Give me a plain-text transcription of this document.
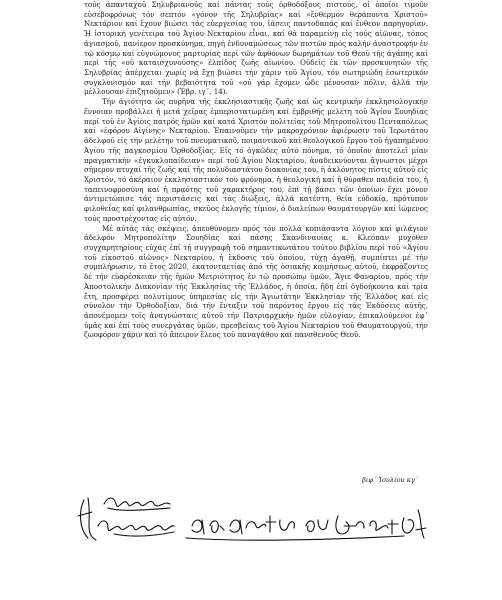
τούς ἁπανταχοῦ Σηλυβριανούς καί πάντας τούς ὀρθοδόξους πιστούς, οἱ ὁποῖοι τιμοῦν εὐσεβοφρόνως τόν σεπτόν «γόνον τῆς Σηλυβρίας» καί «ἔνθερμον θεράποντα Χριστοῦ» Νεκτάριον καί ἔχουν βιώσει τάς εὐεργεσίας του, ἰάσεις παντοδαπάς καί ἔνθεον παρηγορίαν. Ἡ ἱστορική γενέτειρα τοῦ Ἁγίου Νεκταρίου εἶναι, καί θά παραμείνῃ εἰς τούς αἰῶνας, τόπος ἁγιασμοῦ, πανίερον προσκύνημα, πηγή ἐνδυναμώσεως τῶν πιστῶν πρός καλήν ἀναστροφήν ἐν τῷ κόσμῳ καί εὐγνώμονος μαρτυρίας περί τῶν ἀφθόνων δωρημάτων τοῦ Θεοῦ τῆς ἀγάπης καί περί τῆς «οὐ καταισχυνούσης» ἐλπίδος ζωῆς αἰωνίου. Οὐδείς ἐκ τῶν προσκυνητῶν τῆς Σηλυβρίας ἀπέρχεται χωρίς νά ἔχῃ βιώσει τήν χάριν τοῦ Ἁγίου, τόν σωτηριώδη ἐσωτερικόν συγκλονισμόν καί τήν βεβαιότητα τοῦ «οὐ γάρ ἔχομεν ὧδε μένουσαν πόλιν, ἀλλά τήν μέλλουσαν ἐπιζητοῦμεν» (Ἑβρ. ιγ΄, 14).

Τήν ἁγιότητα ὡς πυρῆνα τῆς ἐκκλησιαστικῆς ζωῆς καί ὡς κεντρικήν ἐκκλησιολογικήν ἔννοιαν προβάλλει ἡ μετά χεῖρας ἐμπεριστατωμένη καί ἐμβριθής μελέτη τοῦ Ἁγίου Σουηδίας περί τοῦ ἐν Ἁγίοις πατρός ἡμῶν καί κατά Χριστόν πολιτείας τοῦ Μητροπολίτου Πενταπόλεως καί «ἐφόρου Αἰγίνης» Νεκταρίου. Ἐπαινοῦμεν τήν μακροχρόνιον ἀφιέρωσιν τοῦ Ἱερωτάτου ἀδελφοῦ εἰς τήν μελέτην τοῦ πνευματικοῦ, ποιμαντικοῦ καί θεολογικοῦ ἔργου τοῦ ἠγαπημένου Ἁγίου τῆς παγκοσμίου Ὀρθοδοξίας. Εἰς τό ὀγκῶδες αὐτό πόνημα, τό ὁποῖον ἀποτελεῖ μίαν πραγματικήν «ἐγκυκλοπαίδειαν» περί τοῦ Ἁγίου Νεκταρίου, ἀναδεικνύονται ἄγνωστοι μέχρι σήμερον πτυχαί τῆς ζωῆς καί τῆς πολυδιαστάτου διακονίας του, ἡ ἀκλόνητος πίστις αὐτοῦ εἰς Χριστόν, τό ἀκέραιον ἐκκλησιαστικόν του φρόνημα, ἡ θεολογική καί ἡ θύραθεν παιδεία του, ἡ ταπεινοφροσύνη καί ἡ πρᾳότης τοῦ χαρακτῆρος του, ἐπί τῇ βάσει τῶν ὁποίων ἔχει μόνον ἀντιμετώπισε τάς περιστάσεις καί τάς διώξεις, ἀλλά κατέστη, θεία εὐδοκίᾳ, πρότυπον φιλοθεΐας καί φιλανθρωπίας, σκεῦος ἐκλογῆς τίμιον, ὁ διαλείπων θαυματουργῶν καί ἰώμενος τούς προστρέχοντας εἰς αὐτόν.

Μέ αὐτάς τάς σκέψεις, ἀπευθύνομεν πρός τόν πολλά κοπιάσαντα λόγιον καί φιλάγιον ἀδελφόν Μητροπολίτην Σουηδίας καί πάσης Σκανδιναυίας κ. Κλεόπαν μυχόθεν συγχαρητηρίους εὐχάς ἐπί τῇ συγγραφῇ τοῦ σημαντικωτάτου τούτου βιβλίου περί τοῦ «Ἁγίου τοῦ εἰκοστοῦ αἰῶνος» Νεκταρίου, ἡ ἔκδοσις τοῦ ὁποίου, τύχῃ ἀγαθῇ, συμπίπτει μέ τήν συμπλήρωσιν, τό ἔτος 2020, ἑκατονταετίας ἀπό τῆς ὁσιακῆς κοιμήσεως αὐτοῦ, ἐκφράζοντες δέ τήν εὐαρέσκειαν τῆς ἡμῶν Μετριότητος ἐν τῷ προσώπῳ ὑμῶν, Ἅγιε Φαναρίου, πρός τήν Ἀποστολικήν Διακονίαν τῆς Ἐκκλησίας τῆς Ἑλλάδος, ἡ ὁποία, ἤδη ἐπί ὀγδοήκοντα καί τρία ἔτη, προσφέρει πολυτίμους ὑπηρεσίας εἰς τήν Ἁγιωτάτην Ἐκκλησίαν τῆς Ἑλλάδος καί εἰς σύνολον τήν Ὀρθοδοξίαν, διά τήν ἔνταξιν τοῦ παρόντος ἔργου εἰς τάς Ἐκδόσεις αὐτῆς, ἀπονέμομεν τοῖς ἀναγνώσταις αὐτοῦ τήν Πατριαρχικήν ἡμῶν εὐλογίαν, ἐπικαλούμενοι ἐφ᾿ ὑμᾶς καί ἐπί τούς συνεργάτας ὑμῶν, πρεσβείαις τοῦ Ἁγίου Νεκταρίου τοῦ Θαυματουργοῦ, τήν ζωοφόρον χάριν καί τό ἄπειρον ἔλεος τοῦ παναγάθου καί πανσθενοῦς Θεοῦ.

βιφ´ Ἰουλίου κγ´
